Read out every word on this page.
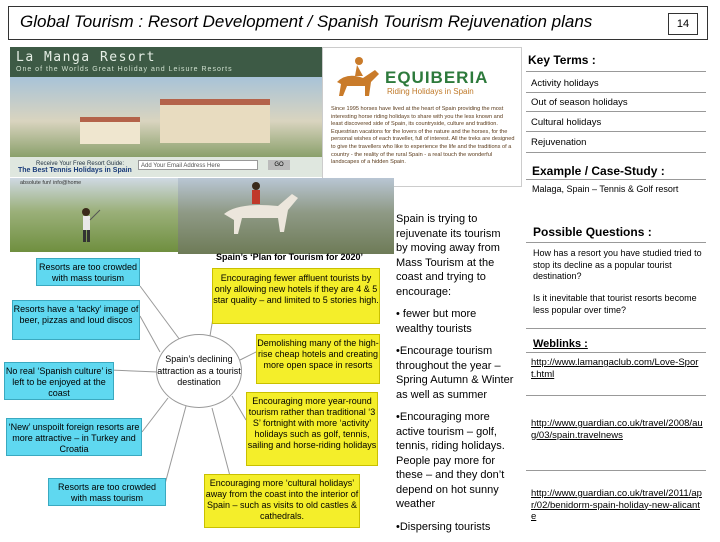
Global Tourism : Resort Development / Spanish Tourism Rejuvenation plans	14
La Manga Resort
One of the Worlds Great Holiday and Leisure Resorts
Receive Your Free Resort Guide:	Add Your Email Address Here	GO
The Best Tennis Holidays in Spain
EQUIBERIA
Riding Holidays in Spain
Since 1995 horses have lived at the heart of Spain providing the most interesting horse riding holidays to share with you the less known and least discovered side of Spain, its countryside, culture and tradition. Equestrian vacations for the lovers of the nature and the horses, for the personal wishes of each traveller, full of interest. All the treks are designed to give the travellers who like to experience the life and the traditions of a country - the reality of the rural Spain - a real touch the wonderful landscapes of a hidden Spain.
Key Terms :
Activity holidays
Out of season holidays
Cultural holidays
Rejuvenation
Example / Case-Study :
Malaga, Spain – Tennis & Golf resort
Possible Questions :
How has a resort you have studied tried to stop its decline as a popular tourist destination?
Is it inevitable that tourist resorts become less popular over time?
Weblinks :
http://www.lamangaclub.com/Love-Sport.html
http://www.guardian.co.uk/travel/2008/aug/03/spain.travelnews
http://www.guardian.co.uk/travel/2011/apr/02/benidorm-spain-holiday-new-alicante
absolute fun! info@home

Spain is trying to rejuvenate its tourism by moving away from Mass Tourism at the coast and trying to encourage:

• fewer but more wealthy tourists

•Encourage tourism throughout the year – Spring Autumn & Winter as well as summer

•Encouraging more active tourism – golf, tennis, riding holidays. People pay more for these – and they don’t depend on hot sunny weather

•Dispersing tourists

Spain’s ‘Plan for Tourism for 2020’
Resorts are too crowded with mass tourism
Resorts have a ‘tacky’ image of beer, pizzas and loud discos
No real ‘Spanish culture’ is left to be enjoyed at the coast
‘New’ unspoilt foreign resorts are more attractive – in Turkey and Croatia
Resorts are too crowded with mass tourism
Spain’s declining attraction as a tourist destination
Encouraging fewer affluent tourists by only allowing new hotels if they are 4 & 5 star quality – and limited to 5 stories high.
Demolishing many of the high-rise cheap hotels and creating more open space in resorts
Encouraging more year-round tourism rather than traditional ‘3 S’ fortnight with more ‘activity’ holidays such as golf, tennis, sailing and horse-riding holidays
Encouraging more ‘cultural holidays’ away from the coast into the interior of Spain – such as visits to old castles & cathedrals.
